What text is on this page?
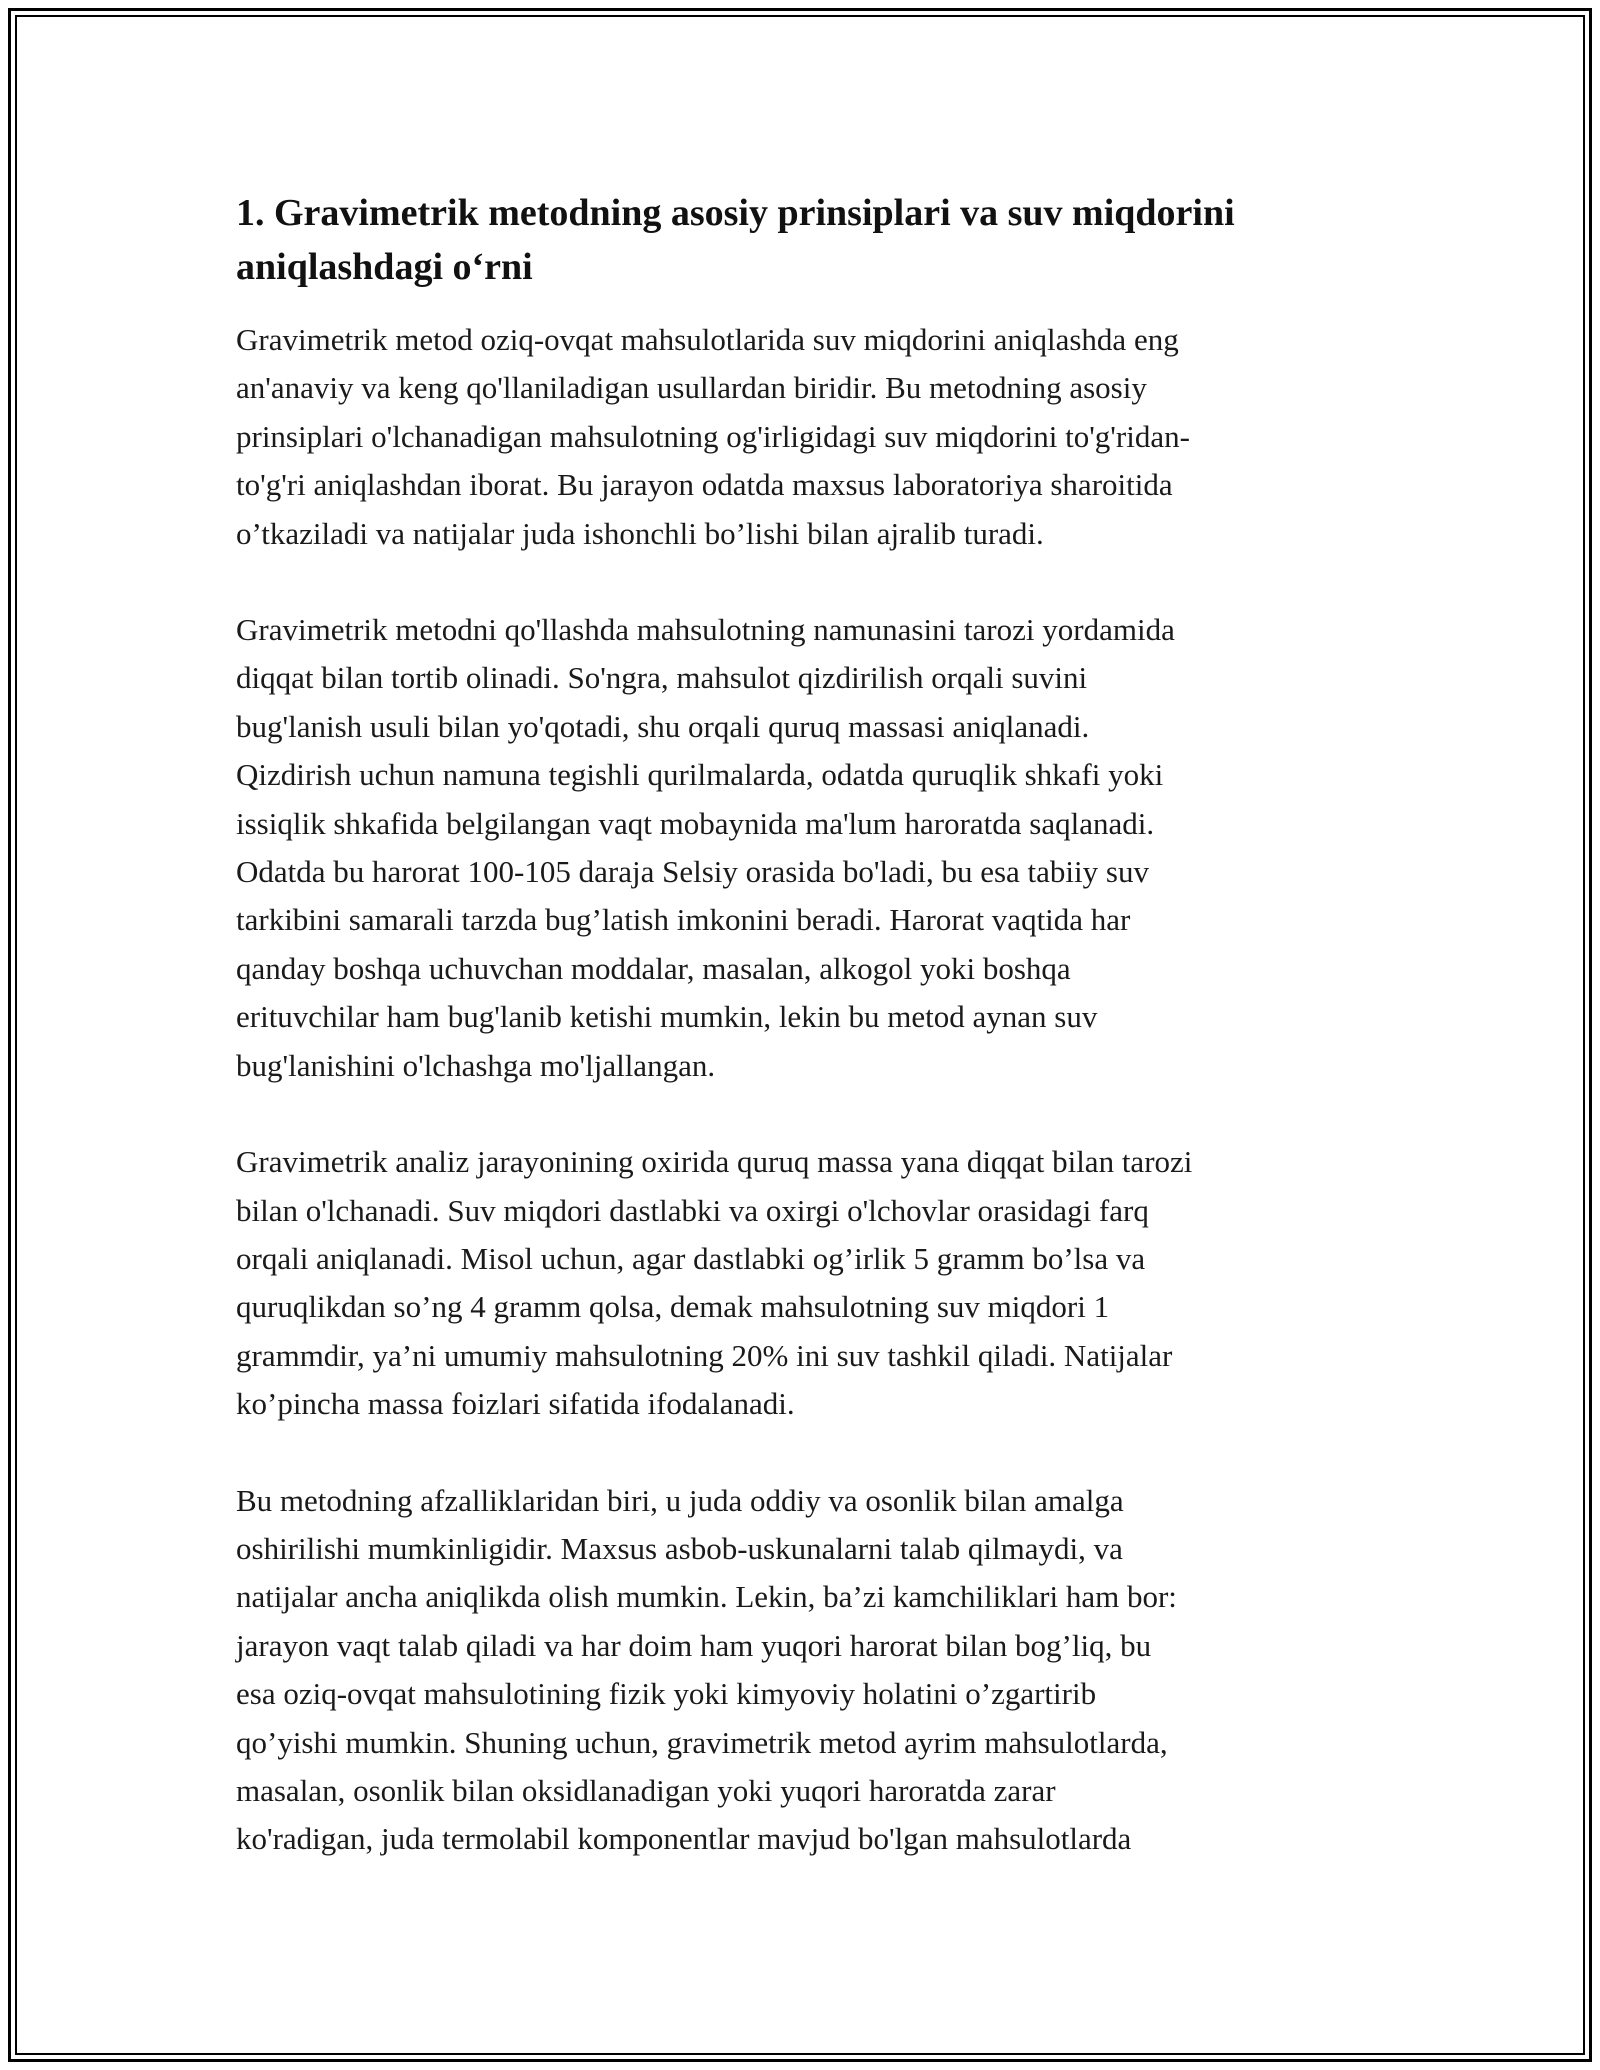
1. Gravimetrik metodning asosiy prinsiplari va suv miqdorini aniqlashdagi o‘rni

Gravimetrik metod oziq-ovqat mahsulotlarida suv miqdorini aniqlashda eng
an'anaviy va keng qo'llaniladigan usullardan biridir. Bu metodning asosiy
prinsiplari o'lchanadigan mahsulotning og'irligidagi suv miqdorini to'g'ridan-
to'g'ri aniqlashdan iborat. Bu jarayon odatda maxsus laboratoriya sharoitida
o’tkaziladi va natijalar juda ishonchli bo’lishi bilan ajralib turadi.

Gravimetrik metodni qo'llashda mahsulotning namunasini tarozi yordamida
diqqat bilan tortib olinadi. So'ngra, mahsulot qizdirilish orqali suvini
bug'lanish usuli bilan yo'qotadi, shu orqali quruq massasi aniqlanadi.
Qizdirish uchun namuna tegishli qurilmalarda, odatda quruqlik shkafi yoki
issiqlik shkafida belgilangan vaqt mobaynida ma'lum haroratda saqlanadi.
Odatda bu harorat 100-105 daraja Selsiy orasida bo'ladi, bu esa tabiiy suv
tarkibini samarali tarzda bug’latish imkonini beradi. Harorat vaqtida har
qanday boshqa uchuvchan moddalar, masalan, alkogol yoki boshqa
erituvchilar ham bug'lanib ketishi mumkin, lekin bu metod aynan suv
bug'lanishini o'lchashga mo'ljallangan.

Gravimetrik analiz jarayonining oxirida quruq massa yana diqqat bilan tarozi
bilan o'lchanadi. Suv miqdori dastlabki va oxirgi o'lchovlar orasidagi farq
orqali aniqlanadi. Misol uchun, agar dastlabki og’irlik 5 gramm bo’lsa va
quruqlikdan so’ng 4 gramm qolsa, demak mahsulotning suv miqdori 1
grammdir, ya’ni umumiy mahsulotning 20% ini suv tashkil qiladi. Natijalar
ko’pincha massa foizlari sifatida ifodalanadi.

Bu metodning afzalliklaridan biri, u juda oddiy va osonlik bilan amalga
oshirilishi mumkinligidir. Maxsus asbob-uskunalarni talab qilmaydi, va
natijalar ancha aniqlikda olish mumkin. Lekin, ba’zi kamchiliklari ham bor:
jarayon vaqt talab qiladi va har doim ham yuqori harorat bilan bog’liq, bu
esa oziq-ovqat mahsulotining fizik yoki kimyoviy holatini o’zgartirib
qo’yishi mumkin. Shuning uchun, gravimetrik metod ayrim mahsulotlarda,
masalan, osonlik bilan oksidlanadigan yoki yuqori haroratda zarar
ko'radigan, juda termolabil komponentlar mavjud bo'lgan mahsulotlarda
